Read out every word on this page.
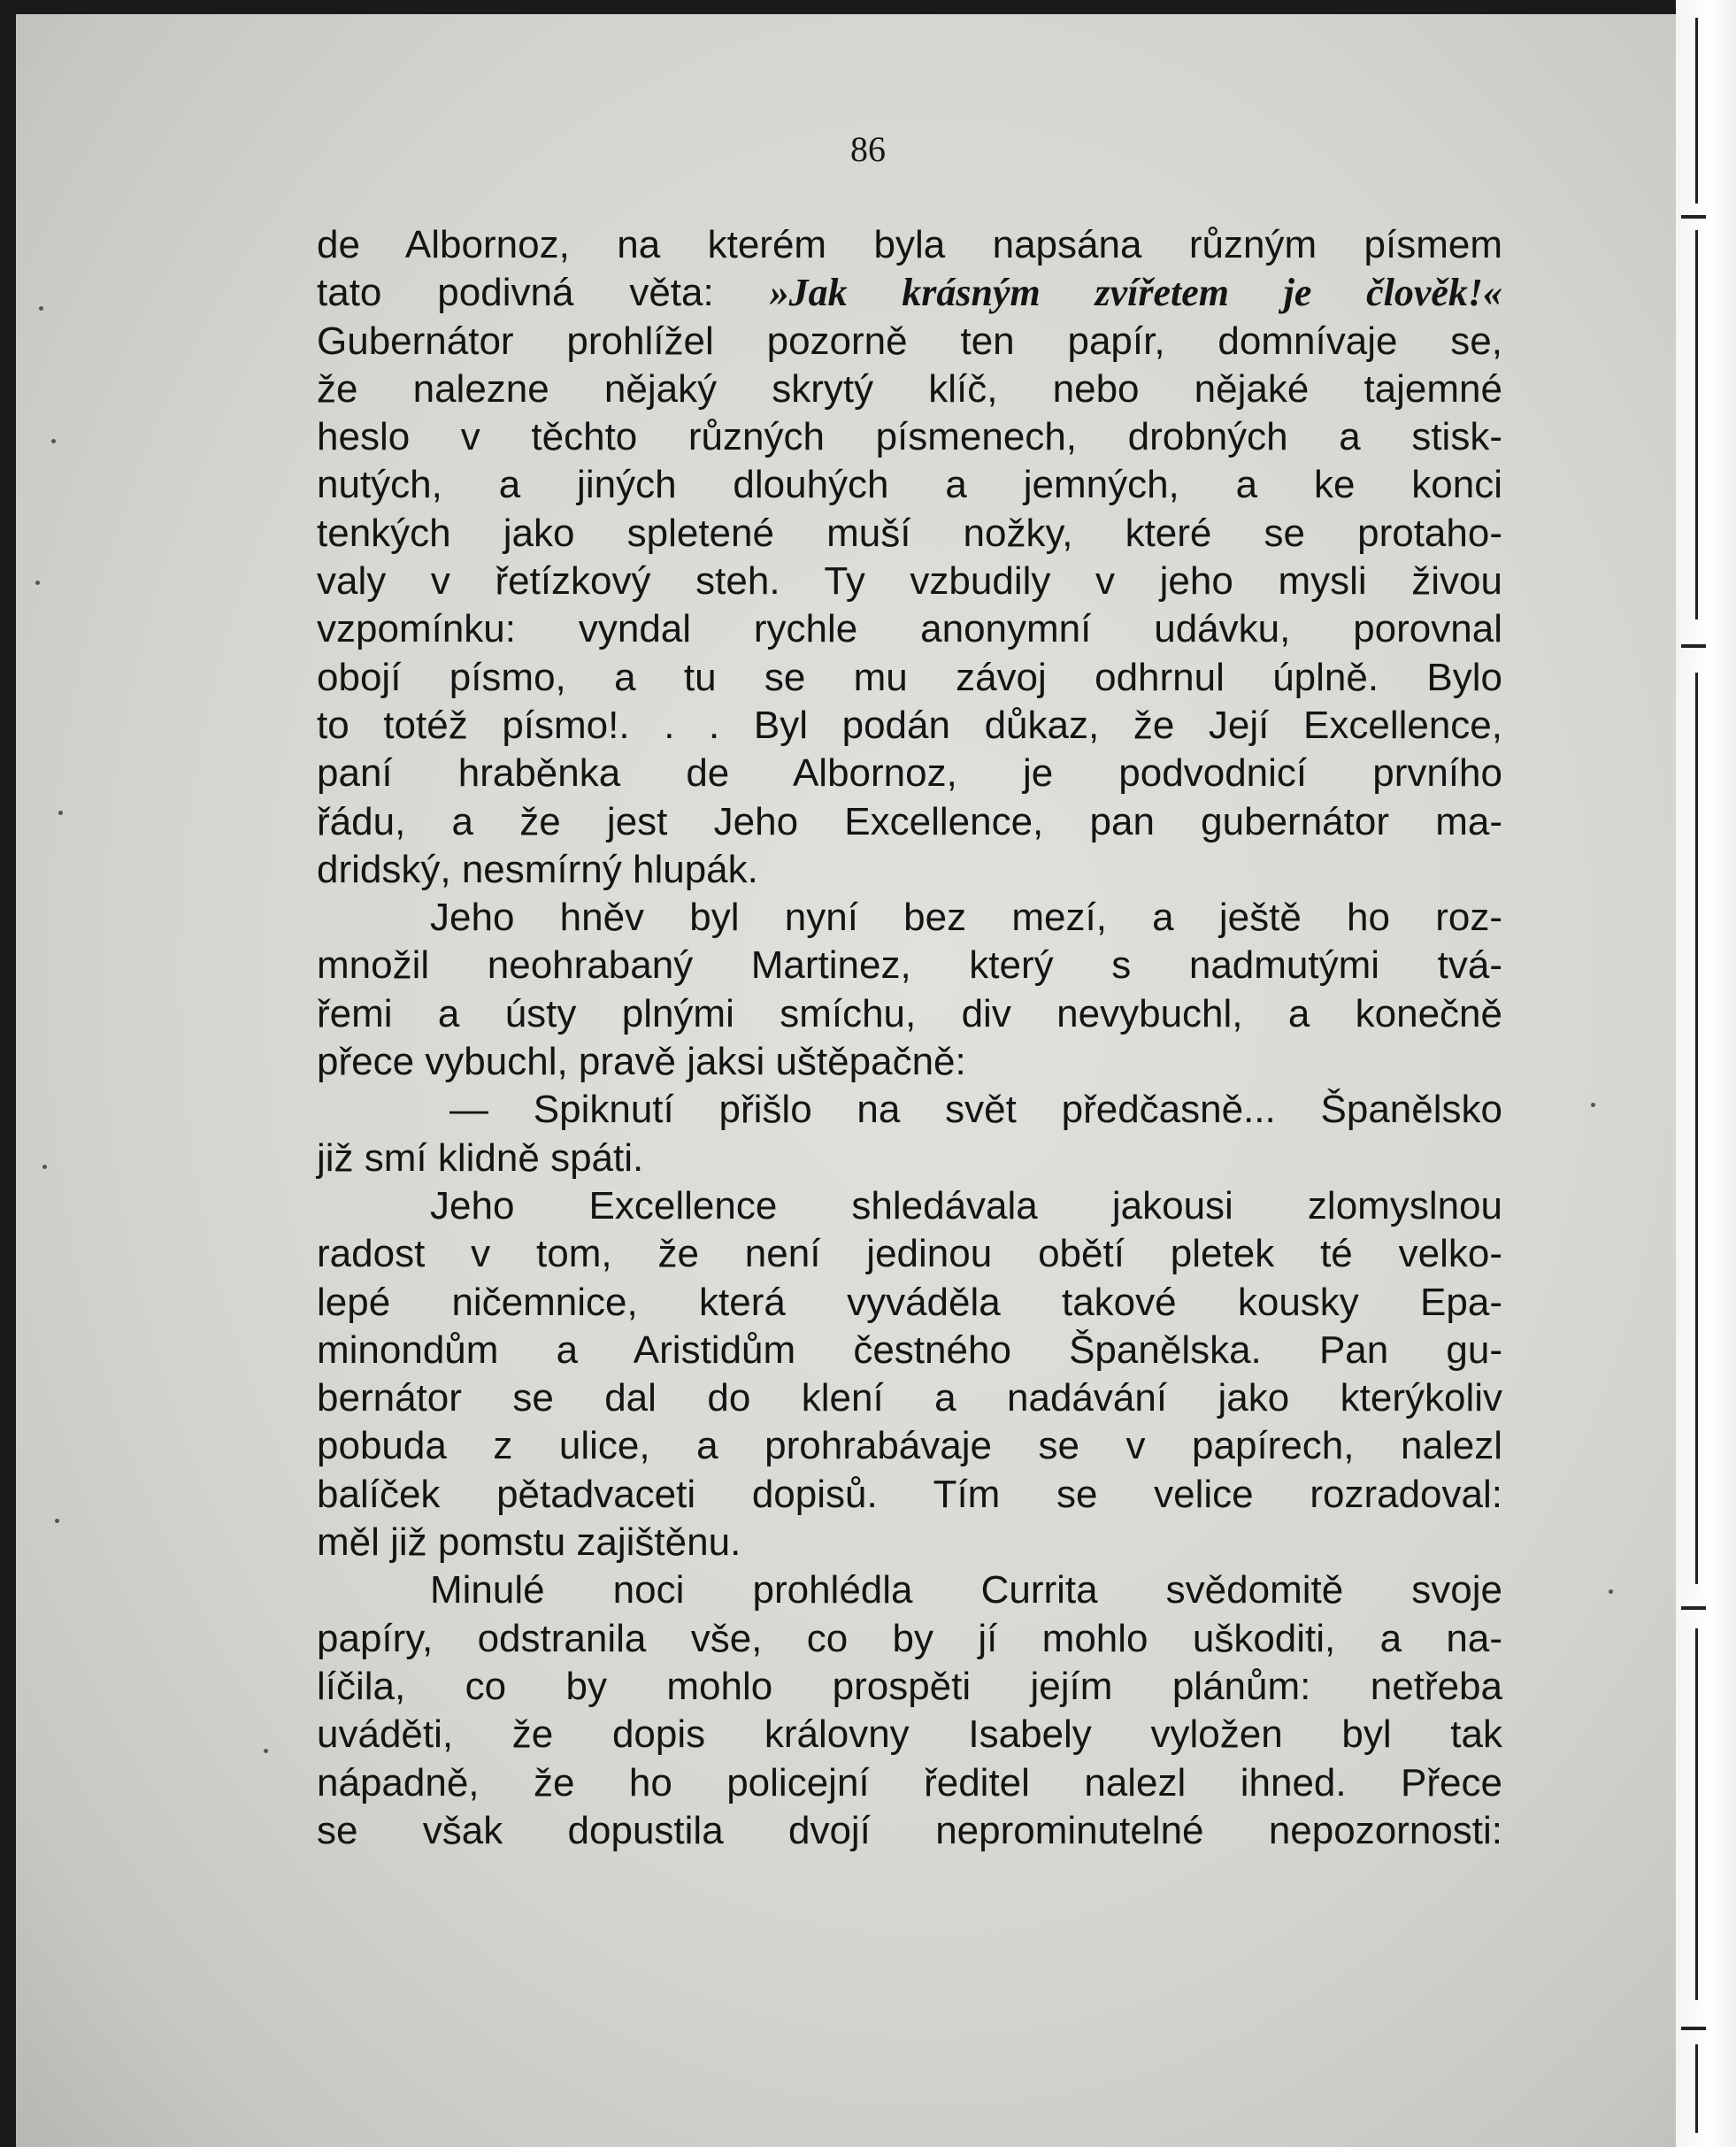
86
de Albornoz, na kterém byla napsána různým písmem
tato podivná věta: »Jak krásným zvířetem je člověk!«
Gubernátor prohlížel pozorně ten papír, domnívaje se,
že nalezne nějaký skrytý klíč, nebo nějaké tajemné
heslo v těchto různých písmenech, drobných a stisk-
nutých, a jiných dlouhých a jemných, a ke konci
tenkých jako spletené muší nožky, které se protaho-
valy v řetízkový steh. Ty vzbudily v jeho mysli živou
vzpomínku: vyndal rychle anonymní udávku, porovnal
obojí písmo, a tu se mu závoj odhrnul úplně. Bylo
to totéž písmo!. . . Byl podán důkaz, že Její Excellence,
paní hraběnka de Albornoz, je podvodnicí prvního
řádu, a že jest Jeho Excellence, pan gubernátor ma-
dridský, nesmírný hlupák.
Jeho hněv byl nyní bez mezí, a ještě ho roz-
množil neohrabaný Martinez, který s nadmutými tvá-
řemi a ústy plnými smíchu, div nevybuchl, a konečně
přece vybuchl, pravě jaksi uštěpačně:
— Spiknutí přišlo na svět předčasně... Španělsko
již smí klidně spáti.
Jeho Excellence shledávala jakousi zlomyslnou
radost v tom, že není jedinou obětí pletek té velko-
lepé ničemnice, která vyváděla takové kousky Epa-
minondům a Aristidům čestného Španělska. Pan gu-
bernátor se dal do klení a nadávání jako kterýkoliv
pobuda z ulice, a prohrabávaje se v papírech, nalezl
balíček pětadvaceti dopisů. Tím se velice rozradoval:
měl již pomstu zajištěnu.
Minulé noci prohlédla Currita svědomitě svoje
papíry, odstranila vše, co by jí mohlo uškoditi, a na-
líčila, co by mohlo prospěti jejím plánům: netřeba
uváděti, že dopis královny Isabely vyložen byl tak
nápadně, že ho policejní ředitel nalezl ihned. Přece
se však dopustila dvojí neprominutelné nepozornosti:
